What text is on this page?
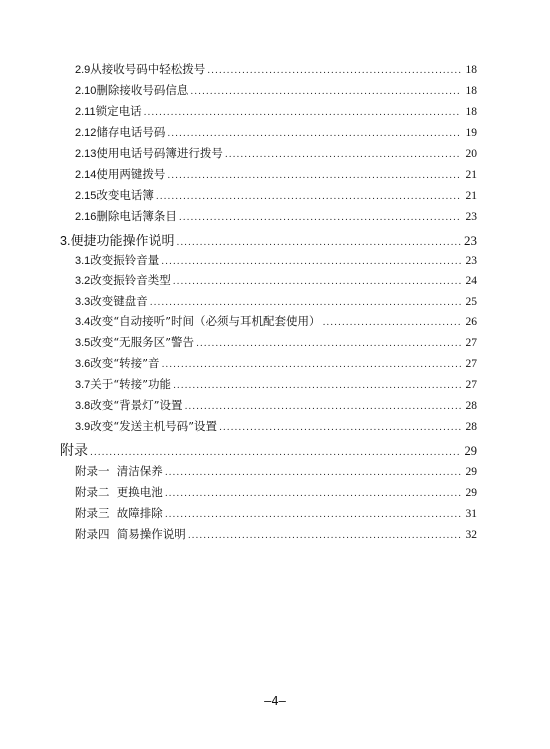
2.9 从接收号码中轻松拨号 .....	18
2.10 删除接收号码信息 .....	18
2.11 锁定电话 .....	18
2.12 储存电话号码 .....	19
2.13 使用电话号码簿进行拨号 .....	20
2.14 使用两键拨号 .....	21
2.15 改变电话簿 .....	21
2.16 删除电话簿条目 .....	23
3. 便捷功能操作说明 .....	23
3.1 改变振铃音量 .....	23
3.2 改变振铃音类型 .....	24
3.3 改变键盘音 .....	25
3.4 改变“自动接听”时间（必须与耳机配套使用） .....	26
3.5 改变“无服务区”警告 .....	27
3.6 改变“转接”音 .....	27
3.7 关于“转接”功能 .....	27
3.8 改变“背景灯”设置 .....	28
3.9 改变“发送主机号码”设置 .....	28
附录 .....	29
附录一  清洁保养 .....	29
附录二  更换电池 .....	29
附录三  故障排除 .....	31
附录四  简易操作说明 .....	32
—4—
